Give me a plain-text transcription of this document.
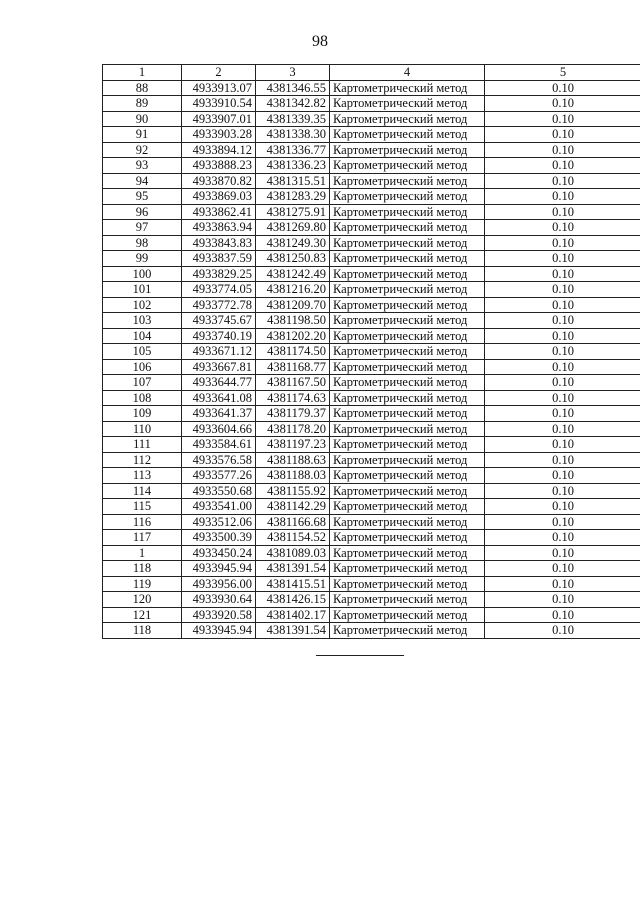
98
1	2	3	4	5
88	4933913.07	4381346.55	Картометрический метод	0.10
89	4933910.54	4381342.82	Картометрический метод	0.10
90	4933907.01	4381339.35	Картометрический метод	0.10
91	4933903.28	4381338.30	Картометрический метод	0.10
92	4933894.12	4381336.77	Картометрический метод	0.10
93	4933888.23	4381336.23	Картометрический метод	0.10
94	4933870.82	4381315.51	Картометрический метод	0.10
95	4933869.03	4381283.29	Картометрический метод	0.10
96	4933862.41	4381275.91	Картометрический метод	0.10
97	4933863.94	4381269.80	Картометрический метод	0.10
98	4933843.83	4381249.30	Картометрический метод	0.10
99	4933837.59	4381250.83	Картометрический метод	0.10
100	4933829.25	4381242.49	Картометрический метод	0.10
101	4933774.05	4381216.20	Картометрический метод	0.10
102	4933772.78	4381209.70	Картометрический метод	0.10
103	4933745.67	4381198.50	Картометрический метод	0.10
104	4933740.19	4381202.20	Картометрический метод	0.10
105	4933671.12	4381174.50	Картометрический метод	0.10
106	4933667.81	4381168.77	Картометрический метод	0.10
107	4933644.77	4381167.50	Картометрический метод	0.10
108	4933641.08	4381174.63	Картометрический метод	0.10
109	4933641.37	4381179.37	Картометрический метод	0.10
110	4933604.66	4381178.20	Картометрический метод	0.10
111	4933584.61	4381197.23	Картометрический метод	0.10
112	4933576.58	4381188.63	Картометрический метод	0.10
113	4933577.26	4381188.03	Картометрический метод	0.10
114	4933550.68	4381155.92	Картометрический метод	0.10
115	4933541.00	4381142.29	Картометрический метод	0.10
116	4933512.06	4381166.68	Картометрический метод	0.10
117	4933500.39	4381154.52	Картометрический метод	0.10
1	4933450.24	4381089.03	Картометрический метод	0.10
118	4933945.94	4381391.54	Картометрический метод	0.10
119	4933956.00	4381415.51	Картометрический метод	0.10
120	4933930.64	4381426.15	Картометрический метод	0.10
121	4933920.58	4381402.17	Картометрический метод	0.10
118	4933945.94	4381391.54	Картометрический метод	0.10
